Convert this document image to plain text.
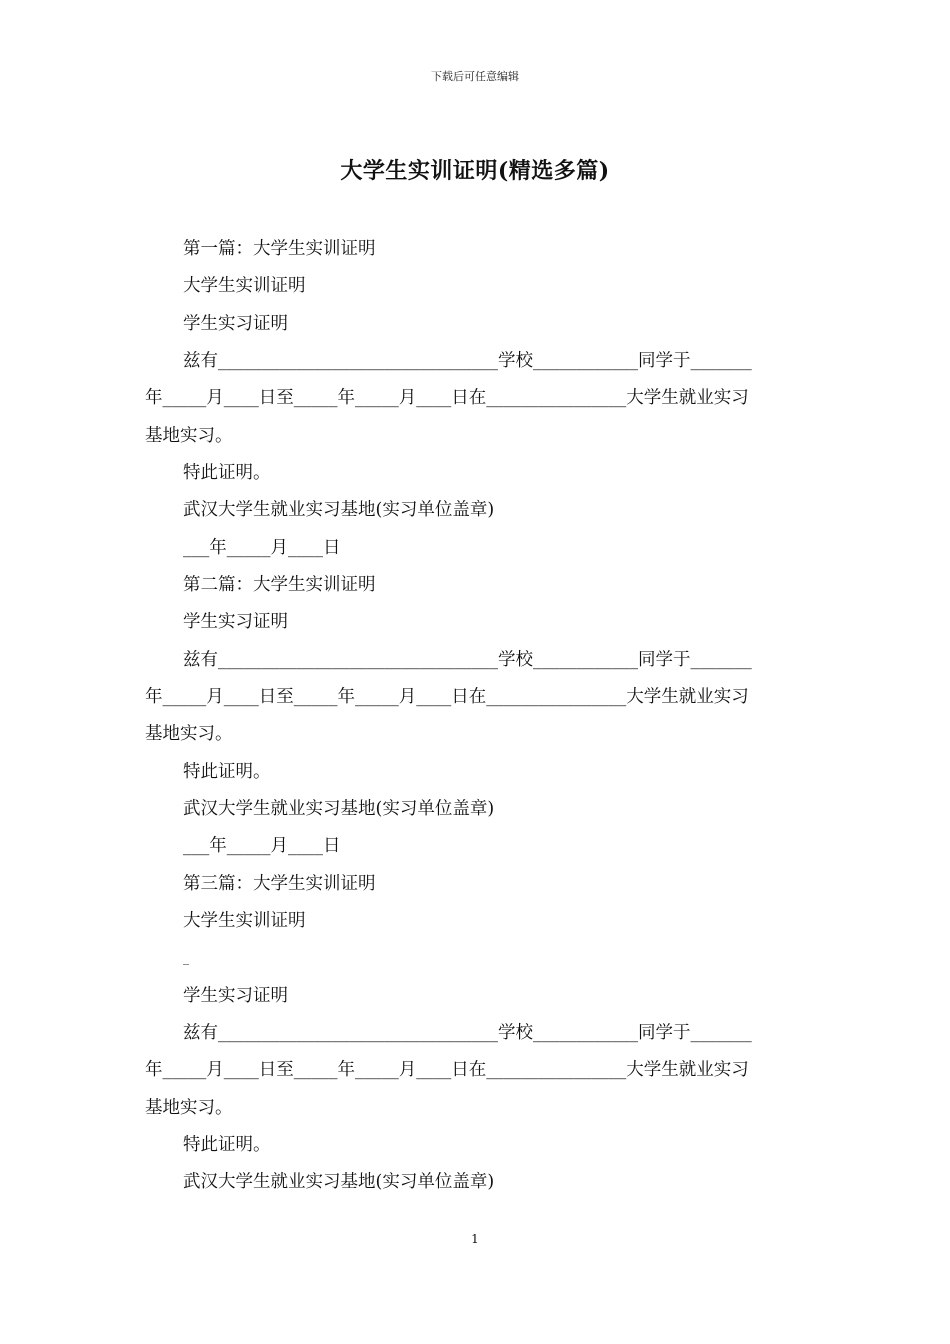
下载后可任意编辑
大学生实训证明(精选多篇)
第一篇：大学生实训证明
大学生实训证明
学生实习证明
兹有________________________________学校____________同学于_______
年_____月____日至_____年_____月____日在________________大学生就业实习
基地实习。
特此证明。
武汉大学生就业实习基地(实习单位盖章)
___年_____月____日
第二篇：大学生实训证明
学生实习证明
兹有________________________________学校____________同学于_______
年_____月____日至_____年_____月____日在________________大学生就业实习
基地实习。
特此证明。
武汉大学生就业实习基地(实习单位盖章)
___年_____月____日
第三篇：大学生实训证明
大学生实训证明
_
学生实习证明
兹有________________________________学校____________同学于_______
年_____月____日至_____年_____月____日在________________大学生就业实习
基地实习。
特此证明。
武汉大学生就业实习基地(实习单位盖章)
1
